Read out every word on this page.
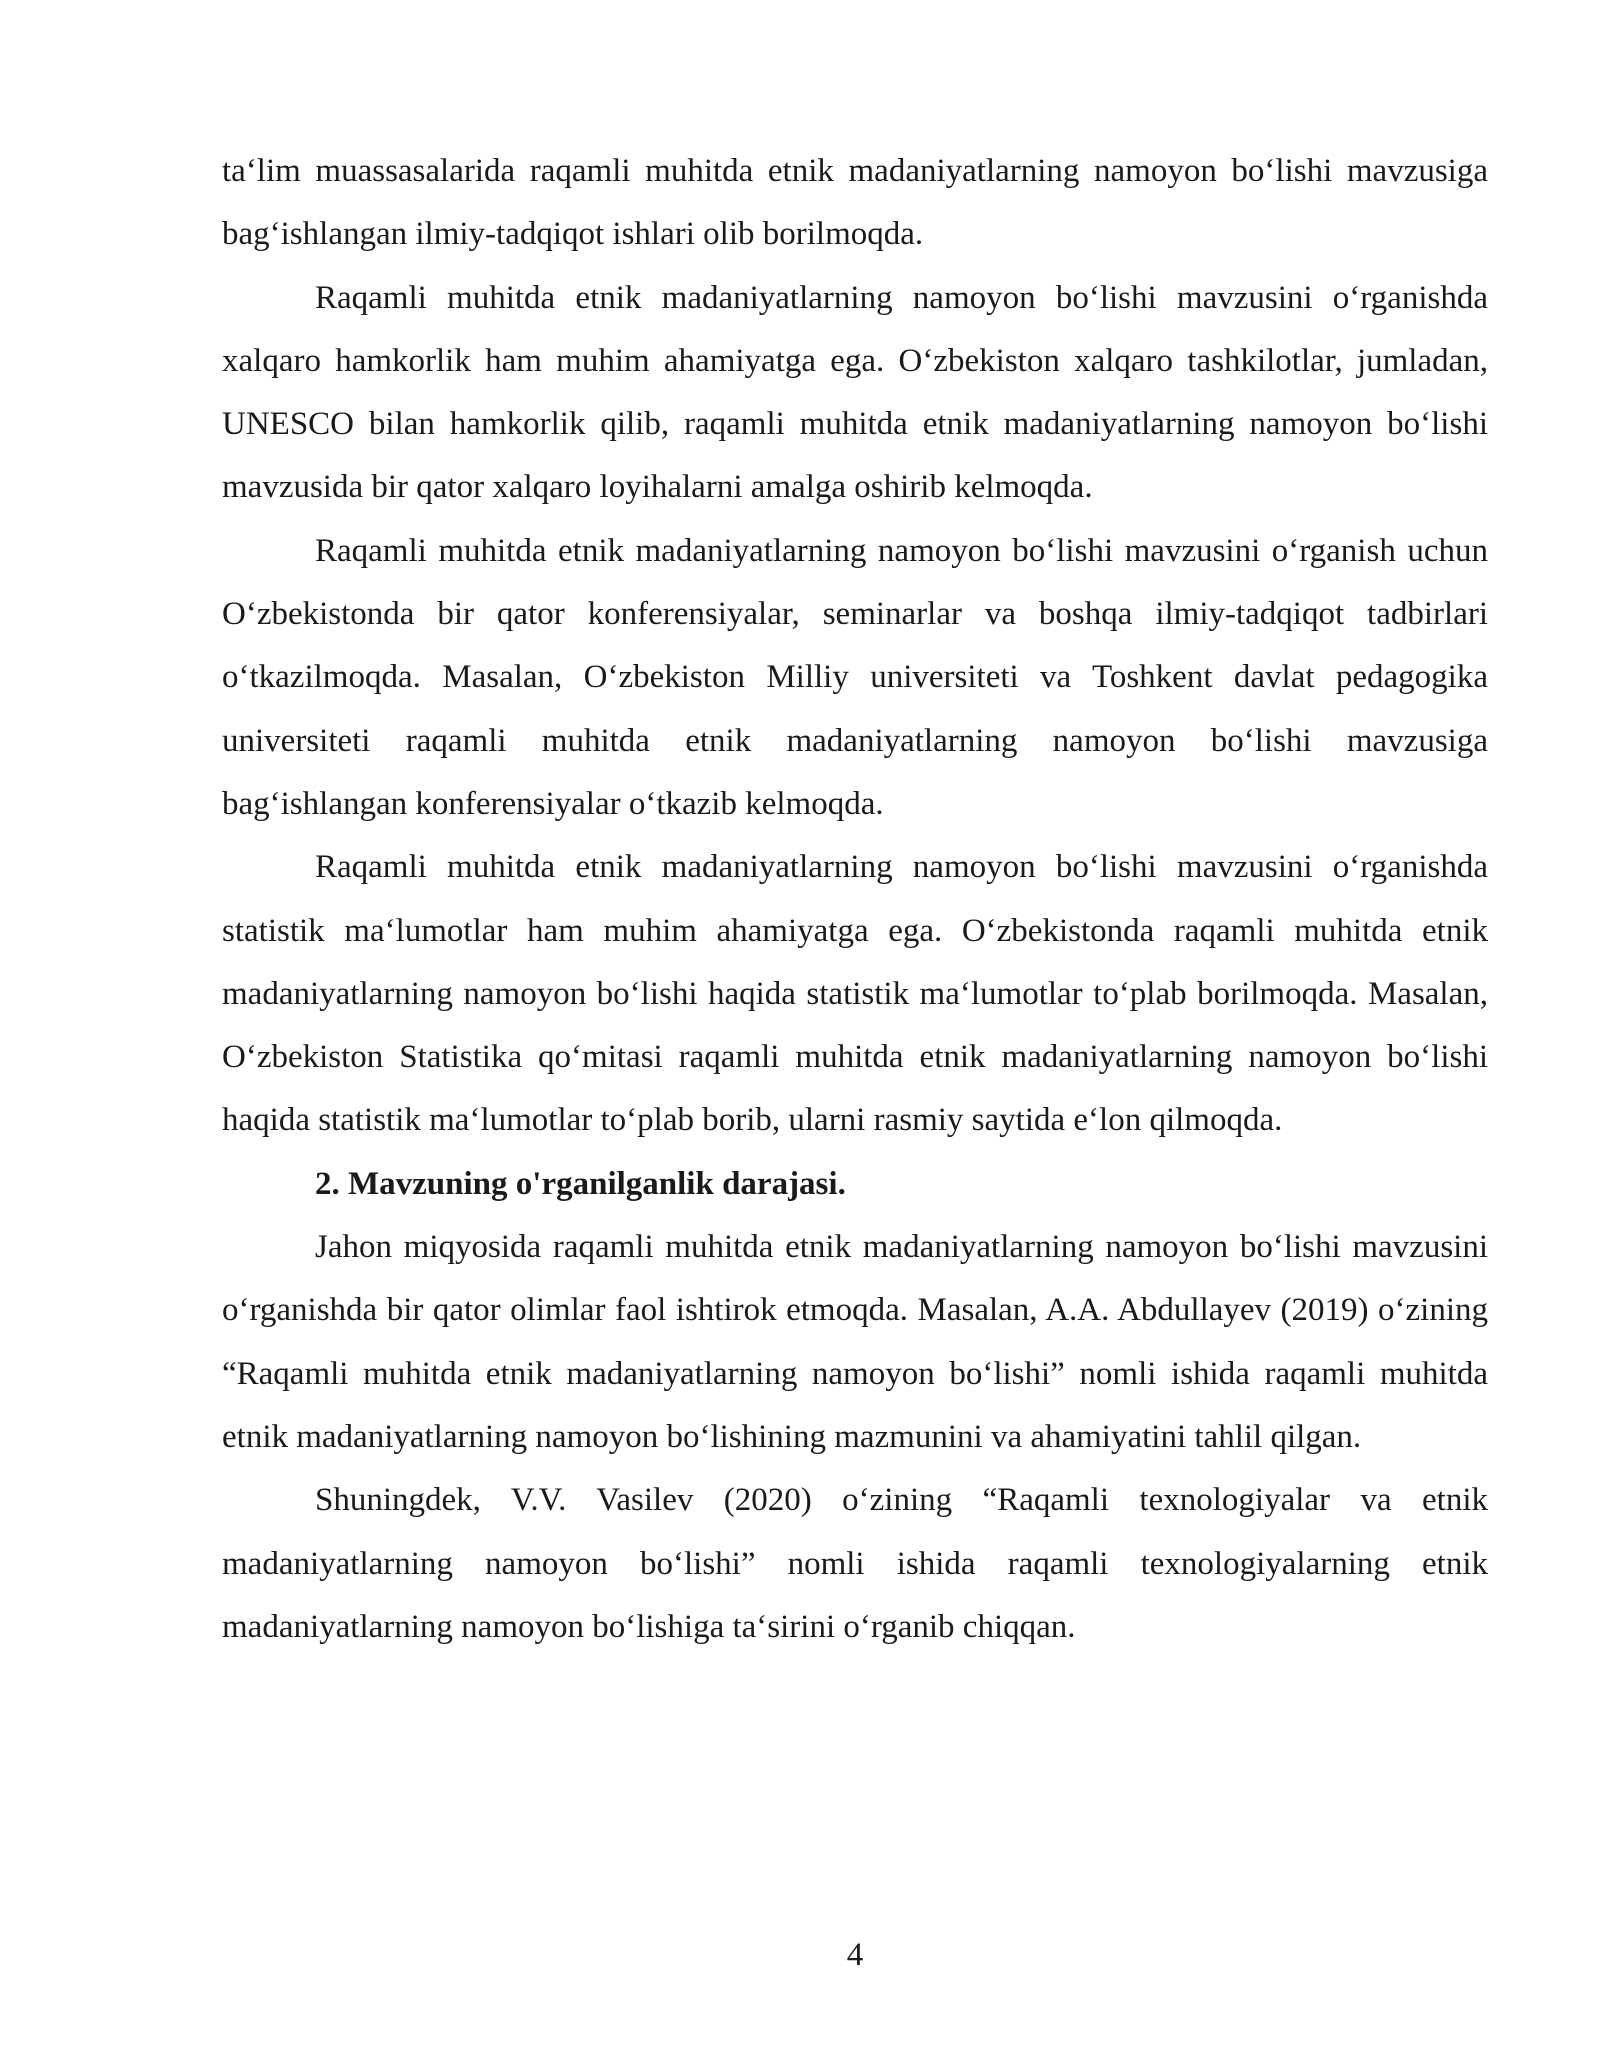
ta‘lim muassasalarida raqamli muhitda etnik madaniyatlarning namoyon bo‘lishi mavzusiga bag‘ishlangan ilmiy-tadqiqot ishlari olib borilmoqda.

Raqamli muhitda etnik madaniyatlarning namoyon bo‘lishi mavzusini o‘rganishda xalqaro hamkorlik ham muhim ahamiyatga ega. O‘zbekiston xalqaro tashkilotlar, jumladan, UNESCO bilan hamkorlik qilib, raqamli muhitda etnik madaniyatlarning namoyon bo‘lishi mavzusida bir qator xalqaro loyihalarni amalga oshirib kelmoqda.

Raqamli muhitda etnik madaniyatlarning namoyon bo‘lishi mavzusini o‘rganish uchun O‘zbekistonda bir qator konferensiyalar, seminarlar va boshqa ilmiy-tadqiqot tadbirlari o‘tkazilmoqda. Masalan, O‘zbekiston Milliy universiteti va Toshkent davlat pedagogika universiteti raqamli muhitda etnik madaniyatlarning namoyon bo‘lishi mavzusiga bag‘ishlangan konferensiyalar o‘tkazib kelmoqda.

Raqamli muhitda etnik madaniyatlarning namoyon bo‘lishi mavzusini o‘rganishda statistik ma‘lumotlar ham muhim ahamiyatga ega. O‘zbekistonda raqamli muhitda etnik madaniyatlarning namoyon bo‘lishi haqida statistik ma‘lumotlar to‘plab borilmoqda. Masalan, O‘zbekiston Statistika qo‘mitasi raqamli muhitda etnik madaniyatlarning namoyon bo‘lishi haqida statistik ma‘lumotlar to‘plab borib, ularni rasmiy saytida e‘lon qilmoqda.

2. Mavzuning o'rganilganlik darajasi.

Jahon miqyosida raqamli muhitda etnik madaniyatlarning namoyon bo‘lishi mavzusini o‘rganishda bir qator olimlar faol ishtirok etmoqda. Masalan, A.A. Abdullayev (2019) o‘zining “Raqamli muhitda etnik madaniyatlarning namoyon bo‘lishi” nomli ishida raqamli muhitda etnik madaniyatlarning namoyon bo‘lishining mazmunini va ahamiyatini tahlil qilgan.

Shuningdek, V.V. Vasilev (2020) o‘zining “Raqamli texnologiyalar va etnik madaniyatlarning namoyon bo‘lishi” nomli ishida raqamli texnologiyalarning etnik madaniyatlarning namoyon bo‘lishiga ta‘sirini o‘rganib chiqqan.

4
